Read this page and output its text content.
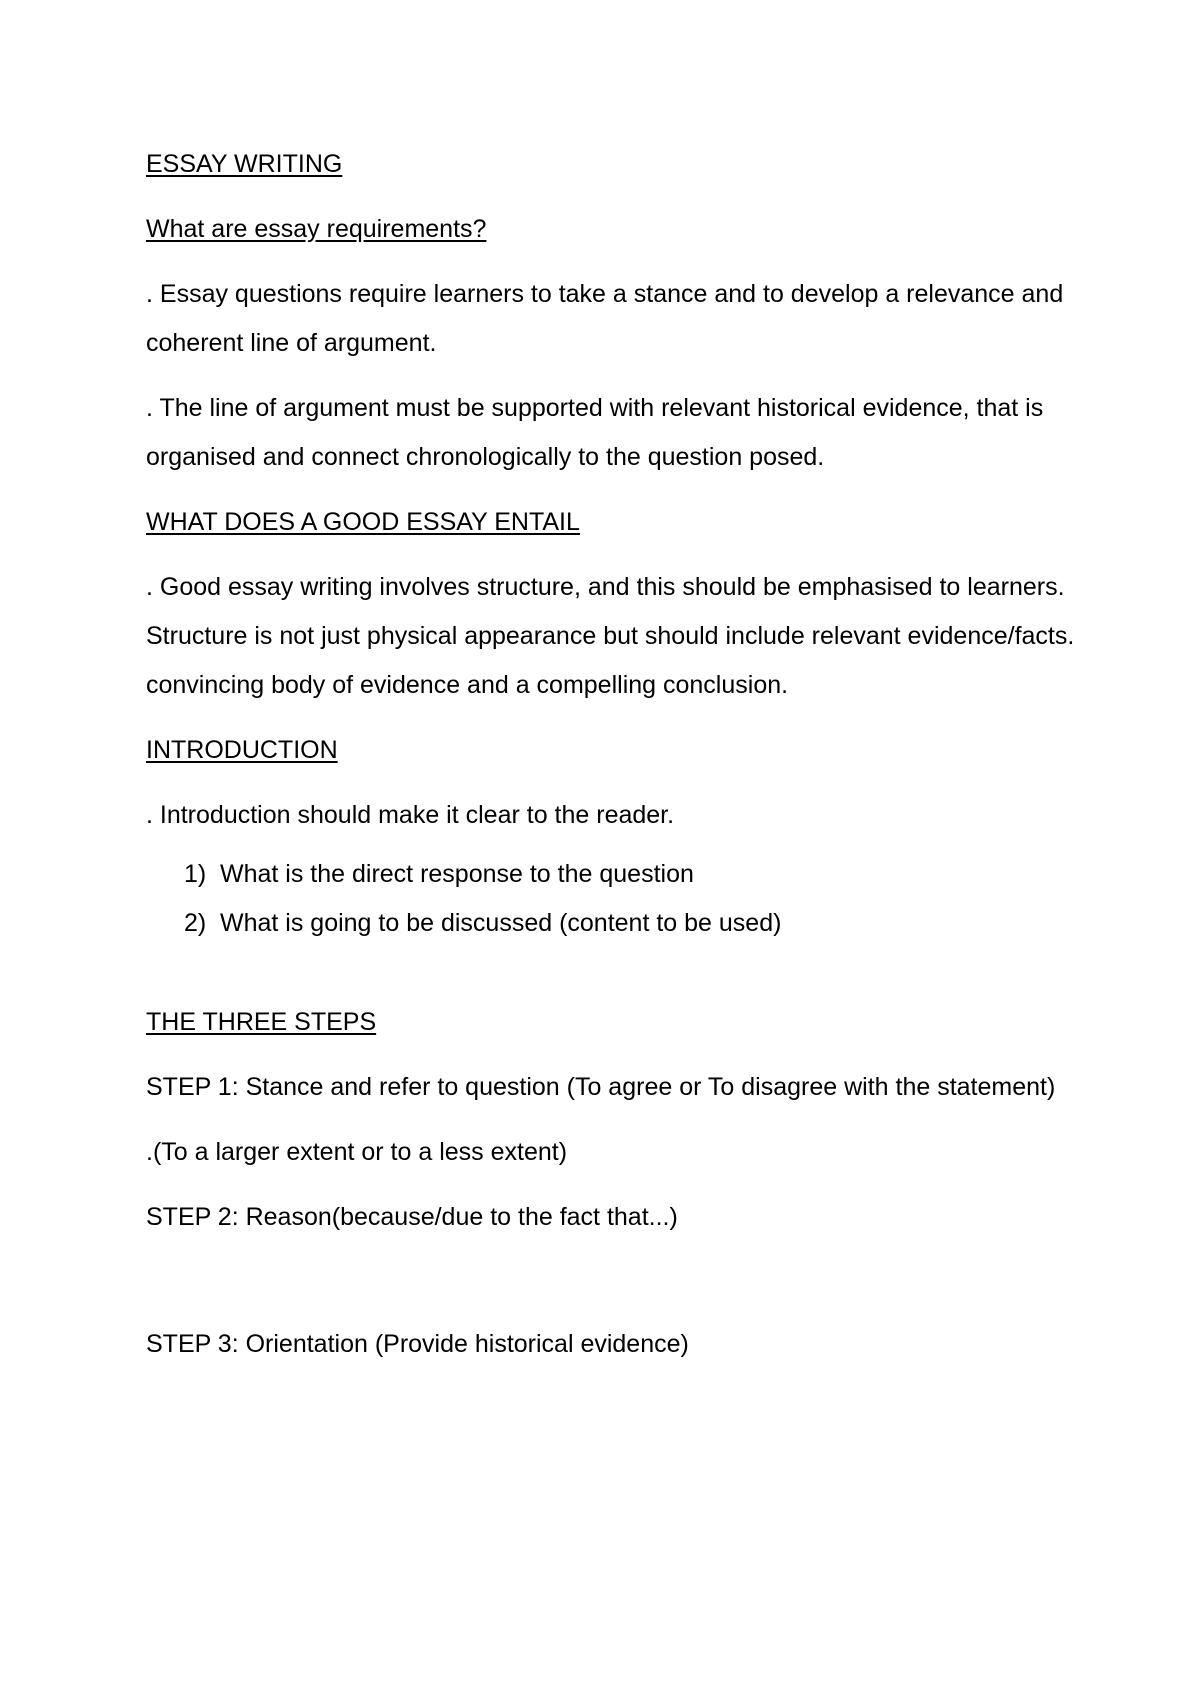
ESSAY WRITING
What are essay requirements?

. Essay questions require learners to take a stance and to develop a relevance and coherent line of argument.

. The line of argument must be supported with relevant historical evidence, that is organised and connect chronologically to the question posed.

WHAT DOES A GOOD ESSAY ENTAIL

. Good essay writing involves structure, and this should be emphasised to learners. Structure is not just physical appearance but should include relevant evidence/facts. convincing body of evidence and a compelling conclusion.

INTRODUCTION

. Introduction should make it clear to the reader.

1) What is the direct response to the question
2) What is going to be discussed (content to be used)
THE THREE STEPS

STEP 1: Stance and refer to question (To agree or To disagree with the statement)

.(To a larger extent or to a less extent)

STEP 2: Reason(because/due to the fact that...)

STEP 3: Orientation (Provide historical evidence)
